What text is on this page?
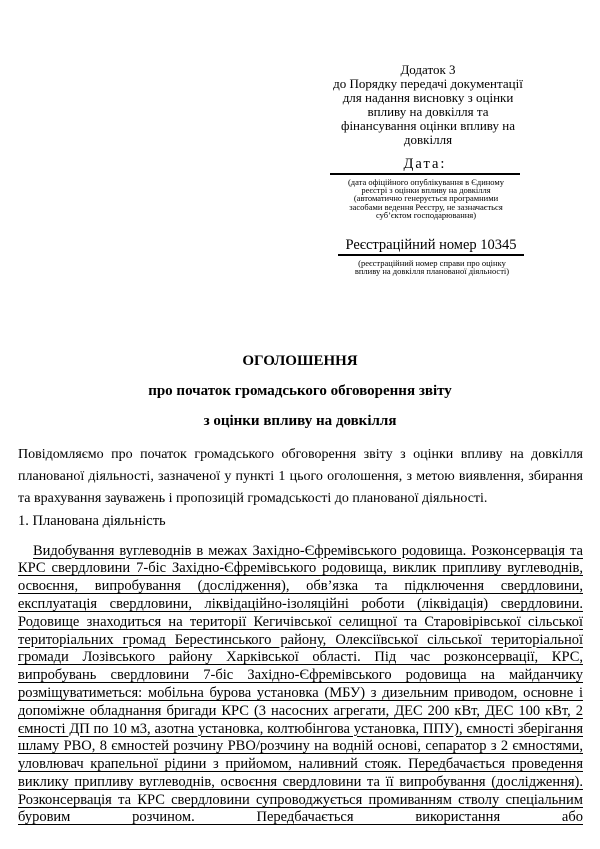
Додаток 3
до Порядку передачі документації
для надання висновку з оцінки
впливу на довкілля та
фінансування оцінки впливу на
довкілля
Дата:
(дата офіційного опублікування в Єдиному реєстрі з оцінки впливу на довкілля (автоматично генерується програмними засобами ведення Реєстру, не зазначається суб’єктом господарювання)
Реєстраційний номер 10345
(реєстраційний номер справи про оцінку впливу на довкілля планованої діяльності)
ОГОЛОШЕННЯ
про початок громадського обговорення звіту
з оцінки впливу на довкілля

Повідомляємо про початок громадського обговорення звіту з оцінки впливу на довкілля планованої діяльності, зазначеної у пункті 1 цього оголошення, з метою виявлення, збирання та врахування зауважень і пропозицій громадськості до планованої діяльності.

1. Планована діяльність

Видобування вуглеводнів в межах Західно-Єфремівського родовища. Розконсервація та КРС свердловини 7-біс Західно-Єфремівського родовища, виклик припливу вуглеводнів, освоєння, випробування (дослідження), обв’язка та підключення свердловини, експлуатація свердловини, ліквідаційно-ізоляційні роботи (ліквідація) свердловини. Родовище знаходиться на території Кегичівської селищної та Старовірівської сільської територіальних громад Берестинського району, Олексіївської сільської територіальної громади Лозівського району Харківської області. Під час розконсервації, КРС, випробувань свердловини 7-біс Західно-Єфремівського родовища на майданчику розміщуватиметься: мобільна бурова установка (МБУ) з дизельним приводом, основне і допоміжне обладнання бригади КРС (3 насосних агрегати, ДЕС 200 кВт, ДЕС 100 кВт, 2 ємності ДП по 10 м3, азотна установка, колтюбінгова установка, ППУ), ємності зберігання шламу РВО, 8 ємностей розчину РВО/розчину на водній основі, сепаратор з 2 ємностями, уловлювач крапельної рідини з прийомом, наливний стояк. Передбачається проведення виклику припливу вуглеводнів, освоєння свердловини та її випробування (дослідження). Розконсервація та КРС свердловини супроводжується промиванням стволу спеціальним буровим розчином. Передбачається використання або
